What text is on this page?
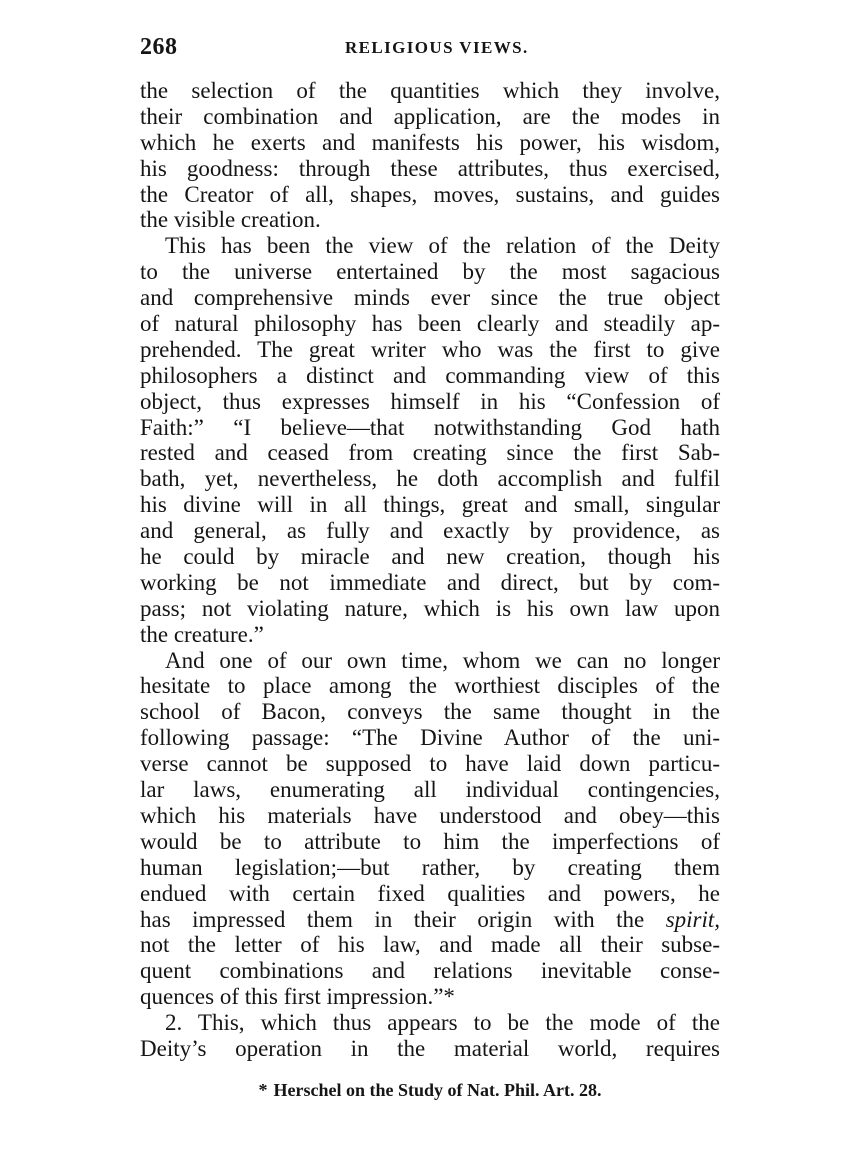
268	RELIGIOUS VIEWS.
the selection of the quantities which they involve,
their combination and application, are the modes in
which he exerts and manifests his power, his wisdom,
his goodness: through these attributes, thus exercised,
the Creator of all, shapes, moves, sustains, and guides
the visible creation.
This has been the view of the relation of the Deity
to the universe entertained by the most sagacious
and comprehensive minds ever since the true object
of natural philosophy has been clearly and steadily ap-
prehended. The great writer who was the first to give
philosophers a distinct and commanding view of this
object, thus expresses himself in his “Confession of
Faith:” “I believe—that notwithstanding God hath
rested and ceased from creating since the first Sab-
bath, yet, nevertheless, he doth accomplish and fulfil
his divine will in all things, great and small, singular
and general, as fully and exactly by providence, as
he could by miracle and new creation, though his
working be not immediate and direct, but by com-
pass; not violating nature, which is his own law upon
the creature.”
And one of our own time, whom we can no longer
hesitate to place among the worthiest disciples of the
school of Bacon, conveys the same thought in the
following passage: “The Divine Author of the uni-
verse cannot be supposed to have laid down particu-
lar laws, enumerating all individual contingencies,
which his materials have understood and obey—this
would be to attribute to him the imperfections of
human legislation;—but rather, by creating them
endued with certain fixed qualities and powers, he
has impressed them in their origin with the spirit,
not the letter of his law, and made all their subse-
quent combinations and relations inevitable conse-
quences of this first impression.”*
2. This, which thus appears to be the mode of the
Deity’s operation in the material world, requires
* Herschel on the Study of Nat. Phil. Art. 28.
